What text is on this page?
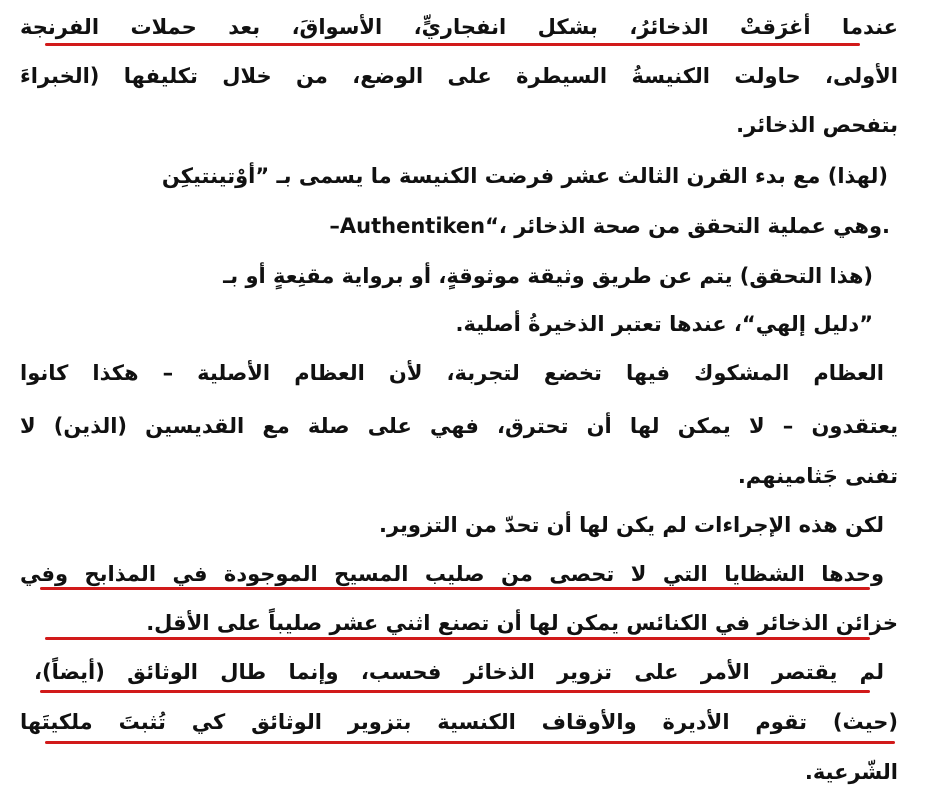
عندما أغرَقتْ الذخائرُ، بشكل انفجاريٍّ، الأسواقَ، بعد حملات الفرنجة
الأولى، حاولت الكنيسةُ السيطرة على الوضع، من خلال تكليفها (الخبراءَ
بتفحص الذخائر.
(لهذا) مع بدء القرن الثالث عشر فرضت الكنيسة ما يسمى بـ ”أوْتينتيكِن
–Authentiken“، وهي عملية التحقق من صحة الذخائر.
(هذا التحقق) يتم عن طريق وثيقة موثوقةٍ، أو برواية مقنِعةٍ أو بـ
”دليل إلهي“، عندها تعتبر الذخيرةُ أصلية.
العظام المشكوك فيها تخضع لتجربة، لأن العظام الأصلية – هكذا كانوا
يعتقدون – لا يمكن لها أن تحترق، فهي على صلة مع القديسين (الذين) لا
تفنى جَثامينهم.
لكن هذه الإجراءات لم يكن لها أن تحدّ من التزوير.
وحدها الشظايا التي لا تحصى من صليب المسيح الموجودة في المذابح وفي
خزائن الذخائر في الكنائس يمكن لها أن تصنع اثني عشر صليباً على الأقل.
لم يقتصر الأمر على تزوير الذخائر فحسب، وإنما طال الوثائق (أيضاً)،
(حيث) تقوم الأديرة والأوقاف الكنسية بتزوير الوثائق كي تُثبتَ ملكيتَها
الشّرعية.
